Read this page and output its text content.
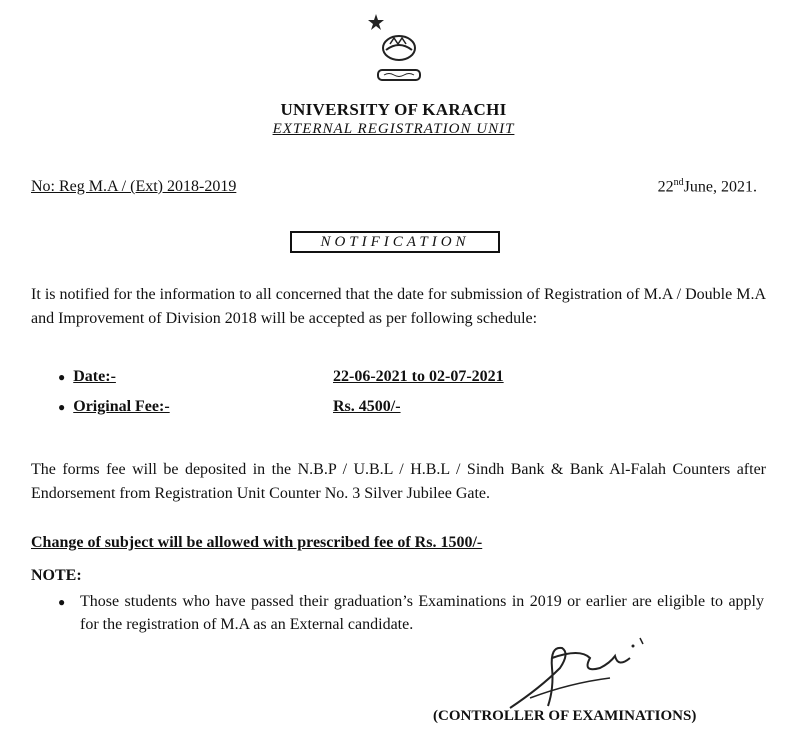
UNIVERSITY OF KARACHI
EXTERNAL REGISTRATION UNIT
No: Reg M.A / (Ext) 2018-2019	22ndJune, 2021.
NOTIFICATION
It is notified for the information to all concerned that the date for submission of Registration of M.A / Double M.A and Improvement of Division 2018 will be accepted as per following schedule:
● Date:-	22-06-2021 to 02-07-2021
● Original Fee:-	Rs. 4500/-
The forms fee will be deposited in the N.B.P / U.B.L / H.B.L / Sindh Bank & Bank Al-Falah Counters after Endorsement from Registration Unit Counter No. 3 Silver Jubilee Gate.
Change of subject will be allowed with prescribed fee of Rs. 1500/-
NOTE:
● Those students who have passed their graduation’s Examinations in 2019 or earlier are eligible to apply for the registration of M.A as an External candidate.
(CONTROLLER OF EXAMINATIONS)
